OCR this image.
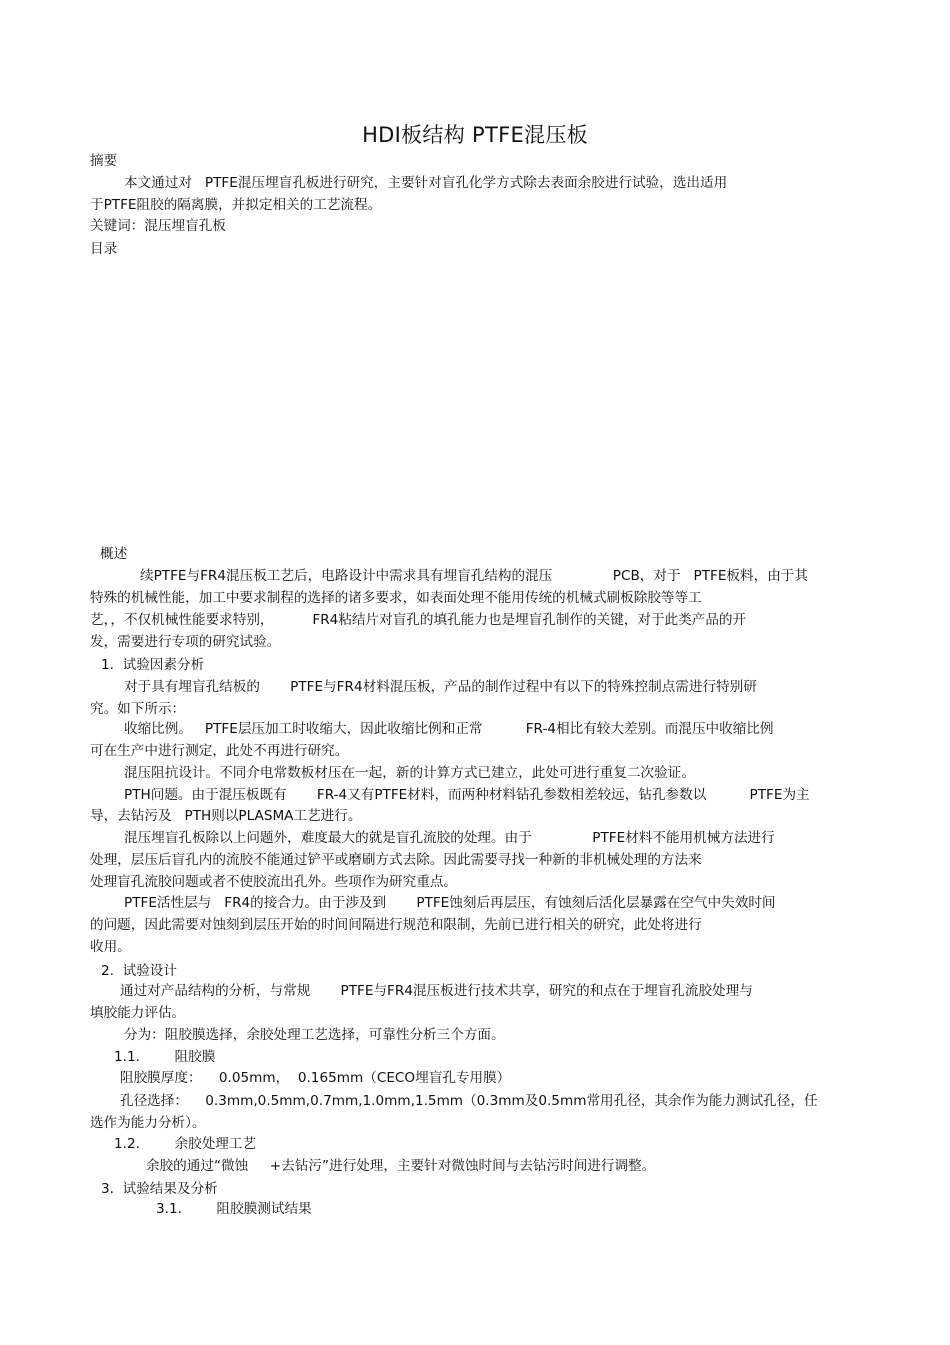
HDI板结构 PTFE混压板
摘要
本文通过对   PTFE混压埋盲孔板进行研究，主要针对盲孔化学方式除去表面余胶进行试验，选出适用
于PTFE阻胶的隔离膜，并拟定相关的工艺流程。
关键词：混压埋盲孔板
目录
概述
续PTFE与FR4混压板工艺后，电路设计中需求具有埋盲孔结构的混压              PCB，对于   PTFE板料，由于其
特殊的机械性能，加工中要求制程的选择的诸多要求，如表面处理不能用传统的机械式刷板除胶等等工
艺，，不仅机械性能要求特别，         FR4粘结片对盲孔的填孔能力也是埋盲孔制作的关键，对于此类产品的开
发，需要进行专项的研究试验。
1.  试验因素分析
对于具有埋盲孔结板的       PTFE与FR4材料混压板，产品的制作过程中有以下的特殊控制点需进行特别研
究。如下所示：
收缩比例。   PTFE层压加工时收缩大，因此收缩比例和正常          FR-4相比有较大差别。而混压中收缩比例
可在生产中进行测定，此处不再进行研究。
混压阻抗设计。不同介电常数板材压在一起，新的计算方式已建立，此处可进行重复二次验证。
PTH问题。由于混压板既有       FR-4又有PTFE材料，而两种材料钻孔参数相差较远，钻孔参数以          PTFE为主
导，去钻污及   PTH则以PLASMA工艺进行。
混压埋盲孔板除以上问题外，难度最大的就是盲孔流胶的处理。由于              PTFE材料不能用机械方法进行
处理，层压后盲孔内的流胶不能通过铲平或磨刷方式去除。因此需要寻找一种新的非机械处理的方法来
处理盲孔流胶问题或者不使胶流出孔外。些项作为研究重点。
PTFE活性层与   FR4的接合力。由于涉及到       PTFE蚀刻后再层压，有蚀刻后活化层暴露在空气中失效时间
的问题，因此需要对蚀刻到层压开始的时间间隔进行规范和限制，先前已进行相关的研究，此处将进行
收用。
2.  试验设计
通过对产品结构的分析，与常规       PTFE与FR4混压板进行技术共享，研究的和点在于埋盲孔流胶处理与
填胶能力评估。
分为：阻胶膜选择，余胶处理工艺选择，可靠性分析三个方面。
1.1.        阻胶膜
阻胶膜厚度：    0.05mm，  0.165mm（CECO埋盲孔专用膜）
孔径选择：    0.3mm,0.5mm,0.7mm,1.0mm,1.5mm（0.3mm及0.5mm常用孔径，其余作为能力测试孔径，任
选作为能力分析）。
1.2.        余胶处理工艺
余胶的通过“微蚀     +去钻污”进行处理，主要针对微蚀时间与去钻污时间进行调整。
3.  试验结果及分析
3.1.        阻胶膜测试结果
